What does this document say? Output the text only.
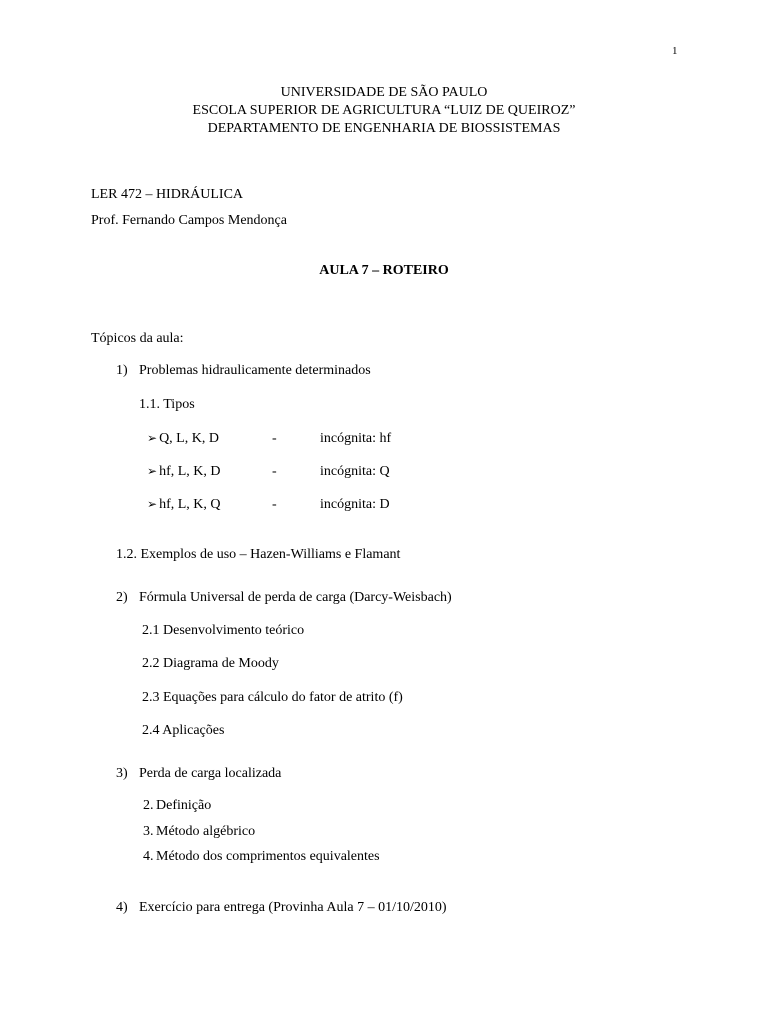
1
UNIVERSIDADE DE SÃO PAULO
ESCOLA SUPERIOR DE AGRICULTURA “LUIZ DE QUEIROZ”
DEPARTAMENTO DE ENGENHARIA DE BIOSSISTEMAS
LER 472 – HIDRÁULICA
Prof. Fernando Campos Mendonça
AULA 7 – ROTEIRO
Tópicos da aula:
1) Problemas hidraulicamente determinados
1.1. Tipos
➢ Q, L, K, D	-	incógnita: hf
➢ hf, L, K, D	-	incógnita: Q
➢ hf, L, K, Q	-	incógnita: D
1.2. Exemplos de uso – Hazen-Williams e Flamant
2) Fórmula Universal de perda de carga (Darcy-Weisbach)
2.1 Desenvolvimento teórico
2.2 Diagrama de Moody
2.3 Equações para cálculo do fator de atrito (f)
2.4 Aplicações
3) Perda de carga localizada
2. Definição
3. Método algébrico
4. Método dos comprimentos equivalentes
4) Exercício para entrega (Provinha Aula 7 – 01/10/2010)
